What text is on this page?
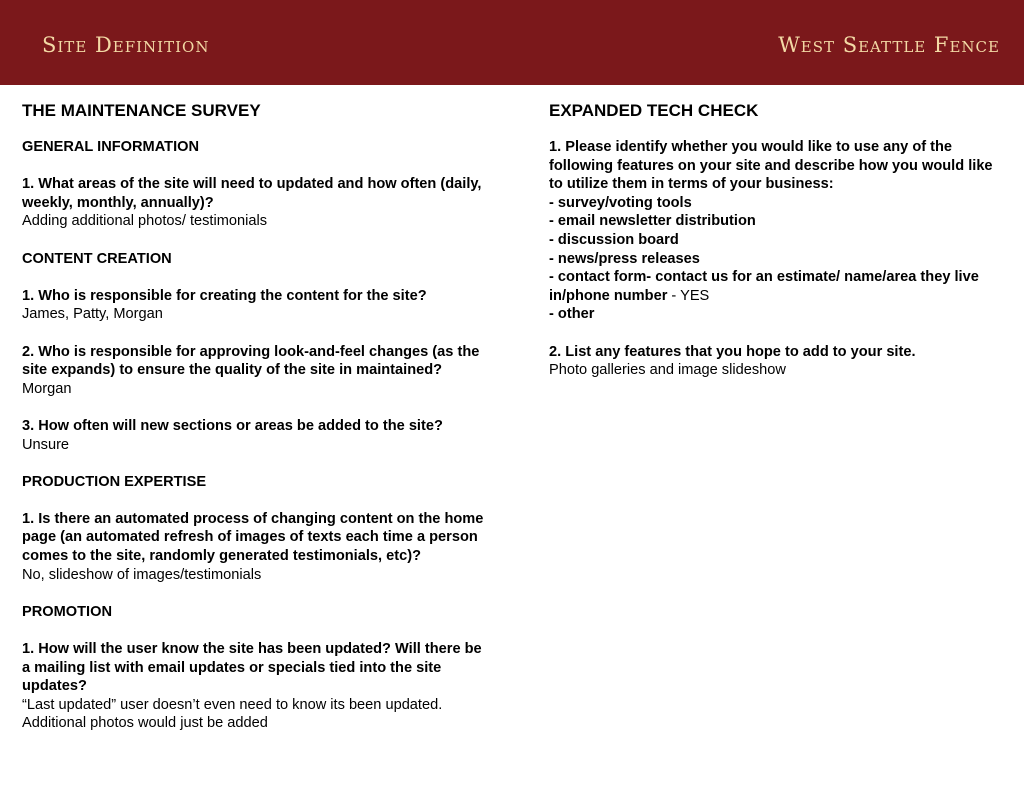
Site Definition	West Seattle Fence
THE MAINTENANCE SURVEY
GENERAL INFORMATION
1. What areas of the site will need to updated and how often (daily, weekly, monthly, annually)?
Adding additional photos/ testimonials
CONTENT CREATION
1. Who is responsible for creating the content for the site?
James, Patty, Morgan
2. Who is responsible for approving look-and-feel changes (as the site expands) to ensure the quality of the site in maintained?
Morgan
3. How often will new sections or areas be added to the site?
Unsure
PRODUCTION EXPERTISE
1. Is there an automated process of changing content on the home page (an automated refresh of images of texts each time a person comes to the site, randomly generated testimonials, etc)?
No, slideshow of images/testimonials
PROMOTION
1. How will the user know the site has been updated? Will there be a mailing list with email updates or specials tied into the site updates?
“Last updated” user doesn’t even need to know its been updated.
Additional photos would just be added
EXPANDED TECH CHECK
1. Please identify whether you would like to use any of the following features on your site and describe how you would like to utilize them in terms of your business:
- survey/voting tools
- email newsletter distribution
- discussion board
- news/press releases
- contact form- contact us for an estimate/ name/area they live in/phone number - YES
- other
2. List any features that you hope to add to your site.
Photo galleries and image slideshow
